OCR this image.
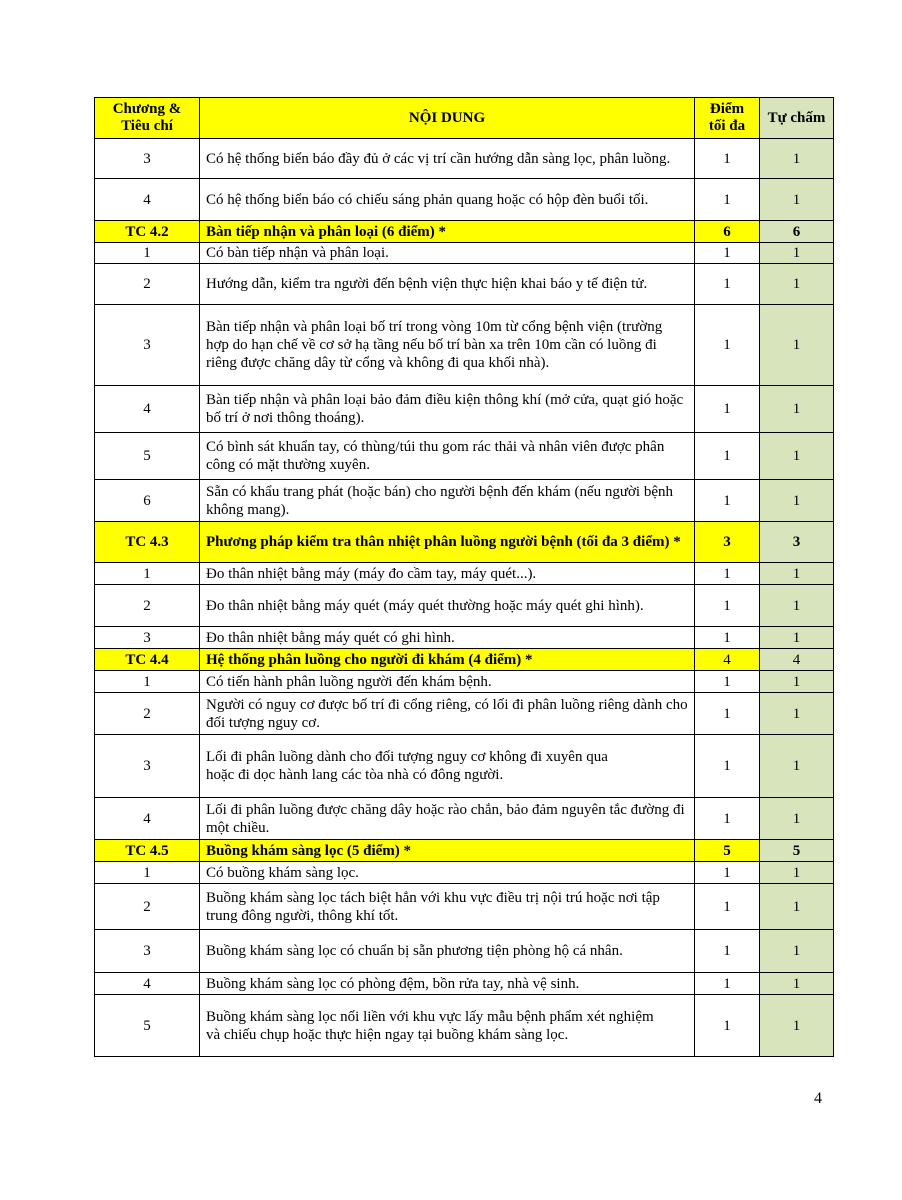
Chương & Tiêu chí	NỘI DUNG	Điểm tối đa	Tự chấm
3	Có hệ thống biển báo đầy đủ ở các vị trí cần hướng dẫn sàng lọc, phân luồng.	1	1
4	Có hệ thống biển báo có chiếu sáng phản quang hoặc có hộp đèn buổi tối.	1	1
TC 4.2	Bàn tiếp nhận và phân loại (6 điểm) *	6	6
1	Có bàn tiếp nhận và phân loại.	1	1
2	Hướng dẫn, kiểm tra người đến bệnh viện thực hiện khai báo y tế điện tử.	1	1
3	Bàn tiếp nhận và phân loại bố trí trong vòng 10m từ cổng bệnh viện (trường hợp do hạn chế về cơ sở hạ tầng nếu bố trí bàn xa trên 10m cần có luồng đi riêng được chăng dây từ cổng và không đi qua khối nhà).	1	1
4	Bàn tiếp nhận và phân loại bảo đảm điều kiện thông khí (mở cửa, quạt gió hoặc bố trí ở nơi thông thoáng).	1	1
5	Có bình sát khuẩn tay, có thùng/túi thu gom rác thải và nhân viên được phân công có mặt thường xuyên.	1	1
6	Sẵn có khẩu trang phát (hoặc bán) cho người bệnh đến khám (nếu người bệnh không mang).	1	1
TC 4.3	Phương pháp kiểm tra thân nhiệt phân luồng người bệnh (tối đa 3 điểm) *	3	3
1	Đo thân nhiệt bằng máy (máy đo cầm tay, máy quét...).	1	1
2	Đo thân nhiệt bằng máy quét (máy quét thường hoặc máy quét ghi hình).	1	1
3	Đo thân nhiệt bằng máy quét có ghi hình.	1	1
TC 4.4	Hệ thống phân luồng cho người đi khám (4 điểm) *	4	4
1	Có tiến hành phân luồng người đến khám bệnh.	1	1
2	Người có nguy cơ được bố trí đi cổng riêng, có lối đi phân luồng riêng dành cho đối tượng nguy cơ.	1	1
3	Lối đi phân luồng dành cho đối tượng nguy cơ không đi xuyên qua
hoặc đi dọc hành lang các tòa nhà có đông người.	1	1
4	Lối đi phân luồng được chăng dây hoặc rào chắn, bảo đảm nguyên tắc đường đi một chiều.	1	1
TC 4.5	Buồng khám sàng lọc (5 điểm) *	5	5
1	Có buồng khám sàng lọc.	1	1
2	Buồng khám sàng lọc tách biệt hẳn với khu vực điều trị nội trú hoặc nơi tập trung đông người, thông khí tốt.	1	1
3	Buồng khám sàng lọc có chuẩn bị sẵn phương tiện phòng hộ cá nhân.	1	1
4	Buồng khám sàng lọc có phòng đệm, bồn rửa tay, nhà vệ sinh.	1	1
5	Buồng khám sàng lọc nối liền với khu vực lấy mẫu bệnh phẩm xét nghiệm
và chiếu chụp hoặc thực hiện ngay tại buồng khám sàng lọc.	1	1
4
